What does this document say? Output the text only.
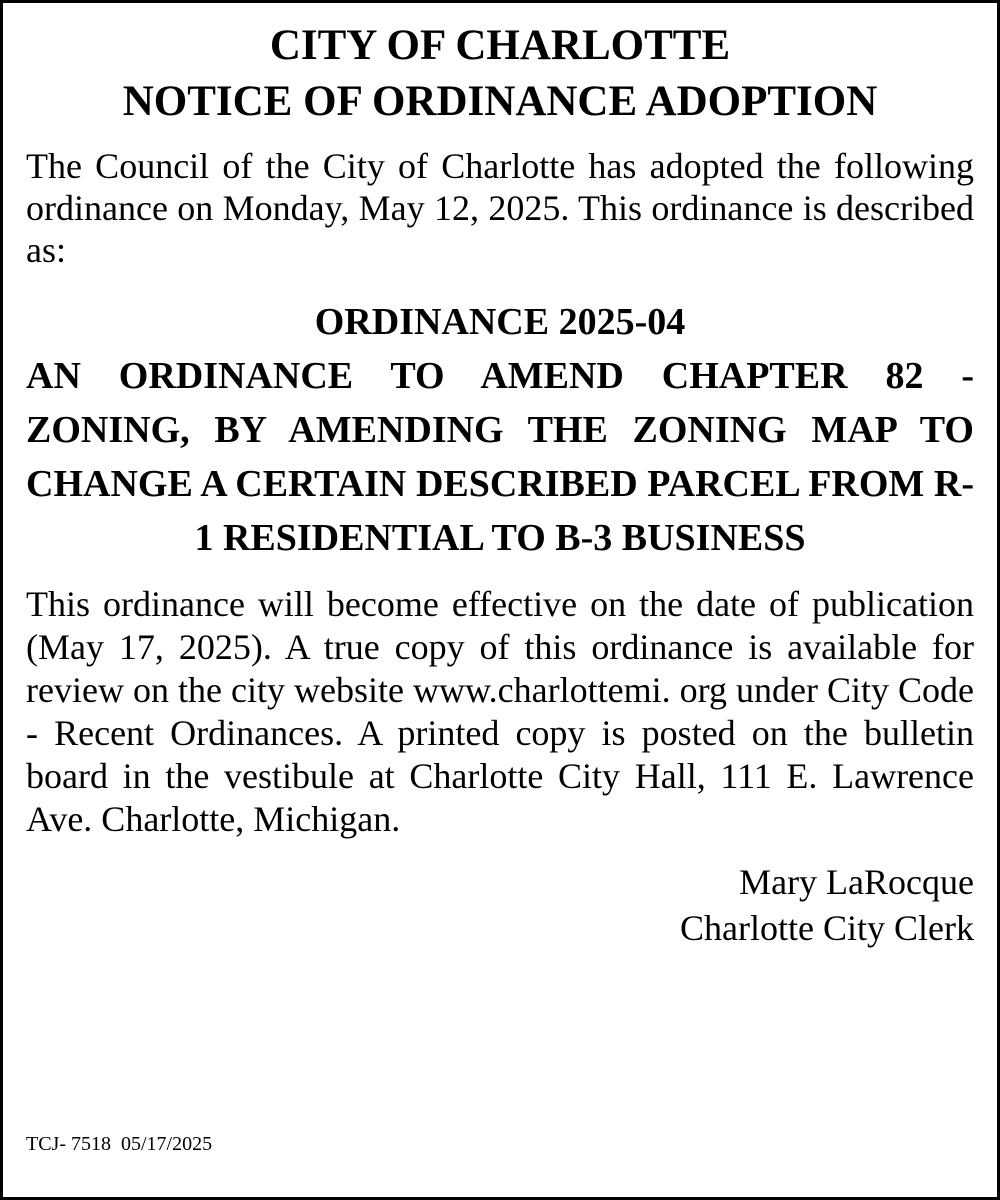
CITY OF CHARLOTTE
NOTICE OF ORDINANCE ADOPTION

The Council of the City of Charlotte has adopted the following ordinance on Monday, May 12, 2025. This ordinance is described as:

ORDINANCE 2025-04
AN ORDINANCE TO AMEND CHAPTER 82 - ZONING, BY AMENDING THE ZONING MAP TO CHANGE A CERTAIN DESCRIBED PARCEL FROM R-1 RESIDENTIAL TO B-3 BUSINESS

This ordinance will become effective on the date of publication (May 17, 2025). A true copy of this ordinance is available for review on the city website www.charlottemi. org under City Code - Recent Ordinances. A printed copy is posted on the bulletin board in the vestibule at Charlotte City Hall, 111 E. Lawrence Ave. Charlotte, Michigan.

Mary LaRocque
Charlotte City Clerk
TCJ- 7518  05/17/2025
